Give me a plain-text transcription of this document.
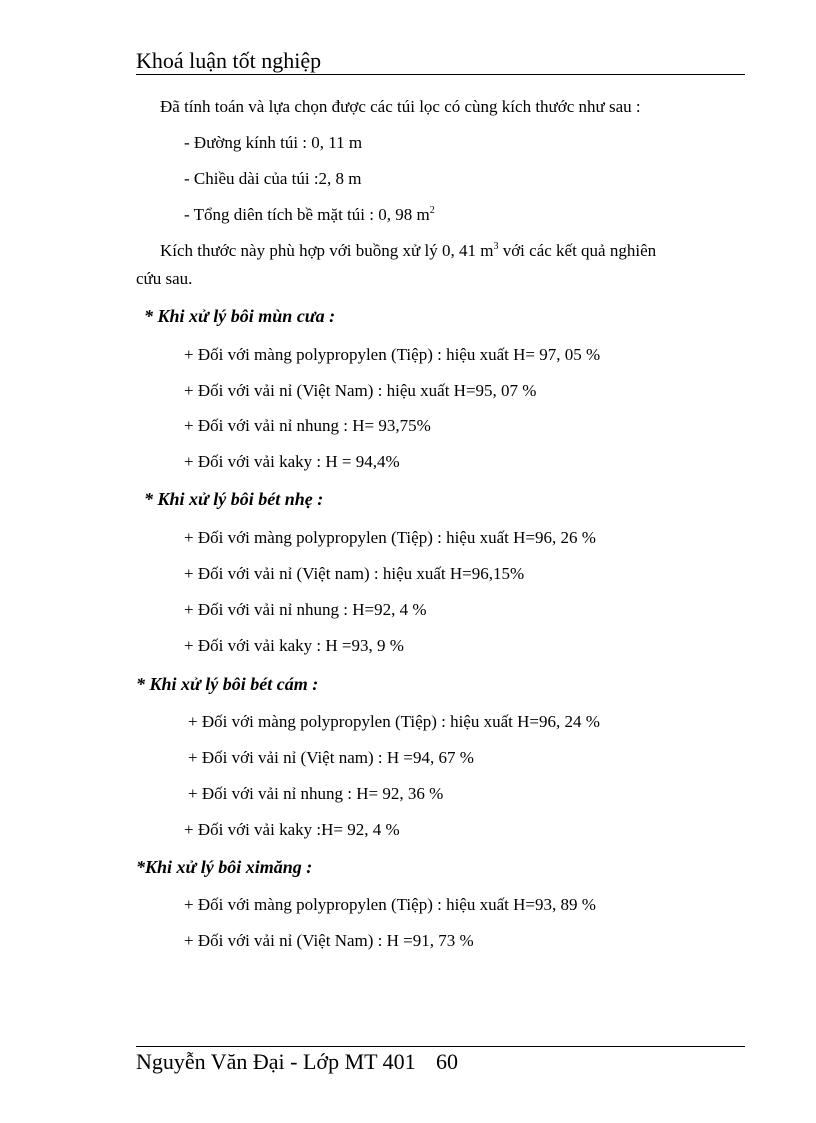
Khoá luận tốt nghiệp
Đã tính toán và lựa chọn được các túi lọc có cùng kích thước như sau :
- Đường kính túi : 0, 11 m
- Chiều dài của túi :2, 8 m
- Tổng diên tích bề mặt túi : 0, 98 $m^2$
Kích thước này phù hợp với buồng xử lý 0, 41 $m^3$ với các kết quả nghiên
cứu sau.
* Khi xử lý bôi mùn cưa :
+ Đối với màng polypropylen (Tiệp) : hiệu xuất H= 97, 05 %
+ Đối với vải nỉ (Việt Nam) : hiệu xuất H=95, 07 %
+ Đối với vải nỉ nhung : H= 93,75%
+ Đối với vải kaky : H = 94,4%
* Khi xử lý bôi bét nhẹ :
+ Đối với màng polypropylen (Tiệp) : hiệu xuất H=96, 26 %
+ Đối với vải nỉ (Việt nam) : hiệu xuất H=96,15%
+ Đối với vải nỉ nhung : H=92, 4 %
+ Đối với vải kaky : H =93, 9 %
* Khi xử lý bôi bét cám :
+ Đối với màng polypropylen (Tiệp) : hiệu xuất H=96, 24 %
+ Đối với vải nỉ (Việt nam) : H =94, 67 %
+ Đối với vải nỉ nhung : H= 92, 36 %
+ Đối với vải kaky :H= 92, 4 %
*Khi xử lý bôi ximăng :
+ Đối với màng polypropylen (Tiệp) : hiệu xuất H=93, 89 %
+ Đối với vải nỉ (Việt Nam) : H =91, 73 %
Nguyễn Văn Đại - Lớp MT 401 60
